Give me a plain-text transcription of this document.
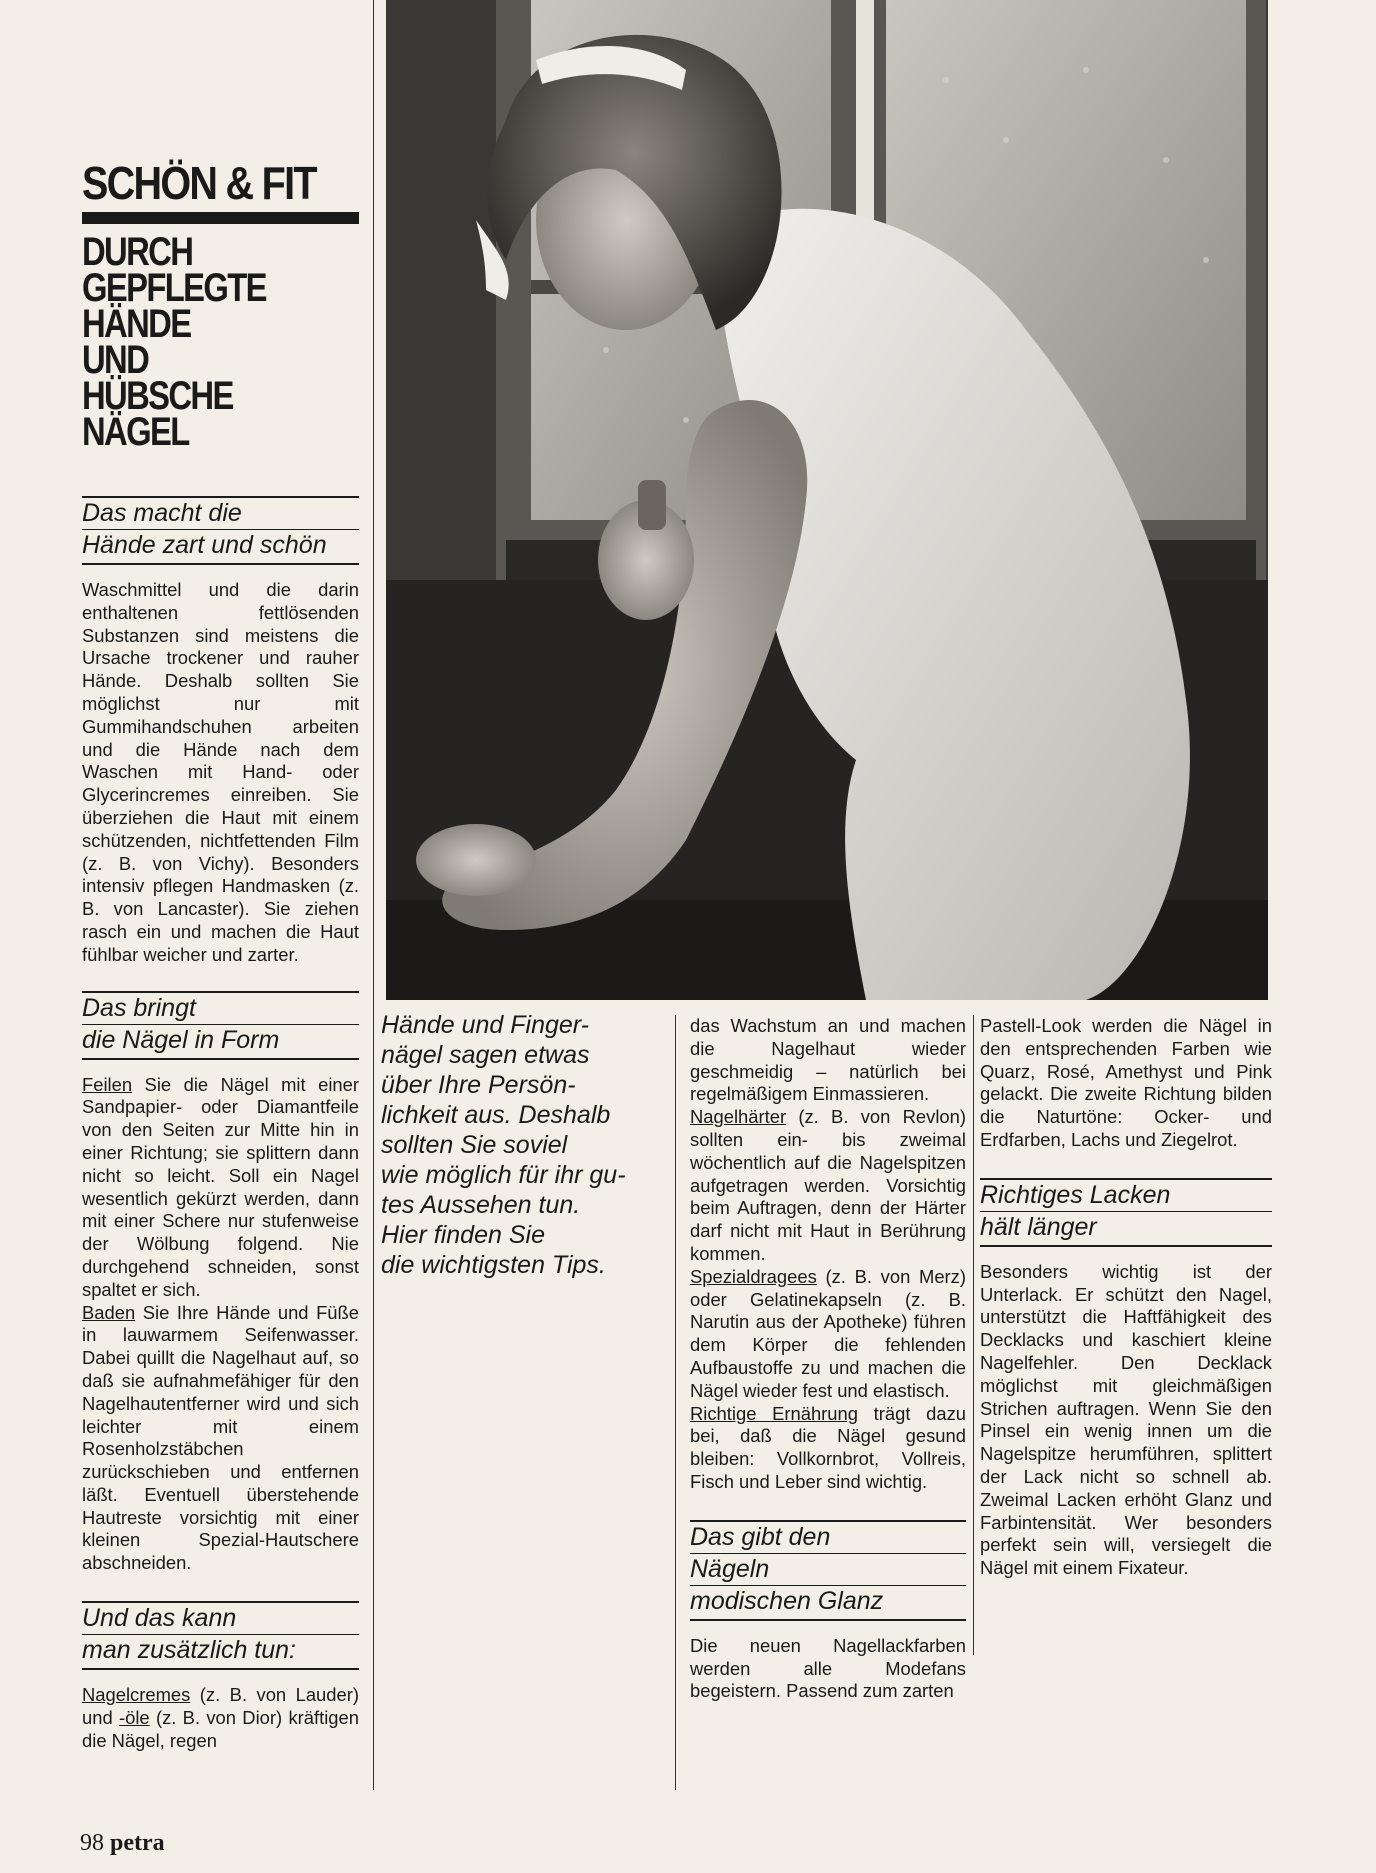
SCHÖN & FIT
DURCH
GEPFLEGTE
HÄNDE
UND
HÜBSCHE
NÄGEL
Das macht die
Hände zart und schön

Waschmittel und die darin enthaltenen fettlösenden Substanzen sind meistens die Ursache trockener und rauher Hände. Deshalb sollten Sie möglichst nur mit Gummihandschuhen arbeiten und die Hände nach dem Waschen mit Hand- oder Glycerincremes einreiben. Sie überziehen die Haut mit einem schützenden, nichtfettenden Film (z. B. von Vichy). Besonders intensiv pflegen Handmasken (z. B. von Lancaster). Sie ziehen rasch ein und machen die Haut fühlbar weicher und zarter.

Das bringt
die Nägel in Form

Feilen Sie die Nägel mit einer Sandpapier- oder Diamantfeile von den Seiten zur Mitte hin in einer Richtung; sie splittern dann nicht so leicht. Soll ein Nagel wesentlich gekürzt werden, dann mit einer Schere nur stufenweise der Wölbung folgend. Nie durchgehend schneiden, sonst spaltet er sich.

Baden Sie Ihre Hände und Füße in lauwarmem Seifenwasser. Dabei quillt die Nagelhaut auf, so daß sie aufnahmefähiger für den Nagelhautentferner wird und sich leichter mit einem Rosenholzstäbchen zurückschieben und entfernen läßt. Eventuell überstehende Hautreste vorsichtig mit einer kleinen Spezial-Hautschere abschneiden.

Und das kann
man zusätzlich tun:

Nagelcremes (z. B. von Lauder) und -öle (z. B. von Dior) kräftigen die Nägel, regen

Hände und Finger-
nägel sagen etwas
über Ihre Persön-
lichkeit aus. Deshalb
sollten Sie soviel
wie möglich für ihr gu-
tes Aussehen tun.
Hier finden Sie
die wichtigsten Tips.

das Wachstum an und machen die Nagelhaut wieder geschmeidig – natürlich bei regelmäßigem Einmassieren.

Nagelhärter (z. B. von Revlon) sollten ein- bis zweimal wöchentlich auf die Nagelspitzen aufgetragen werden. Vorsichtig beim Auftragen, denn der Härter darf nicht mit Haut in Berührung kommen.

Spezialdragees (z. B. von Merz) oder Gelatinekapseln (z. B. Narutin aus der Apotheke) führen dem Körper die fehlenden Aufbaustoffe zu und machen die Nägel wieder fest und elastisch.

Richtige Ernährung trägt dazu bei, daß die Nägel gesund bleiben: Vollkornbrot, Vollreis, Fisch und Leber sind wichtig.

Das gibt den
Nägeln
modischen Glanz

Die neuen Nagellackfarben werden alle Modefans begeistern. Passend zum zarten

Pastell-Look werden die Nägel in den entsprechenden Farben wie Quarz, Rosé, Amethyst und Pink gelackt. Die zweite Richtung bilden die Naturtöne: Ocker- und Erdfarben, Lachs und Ziegelrot.

Richtiges Lacken
hält länger

Besonders wichtig ist der Unterlack. Er schützt den Nagel, unterstützt die Haftfähigkeit des Decklacks und kaschiert kleine Nagelfehler. Den Decklack möglichst mit gleichmäßigen Strichen auftragen. Wenn Sie den Pinsel ein wenig innen um die Nagelspitze herumführen, splittert der Lack nicht so schnell ab. Zweimal Lacken erhöht Glanz und Farbintensität. Wer besonders perfekt sein will, versiegelt die Nägel mit einem Fixateur.

98 petra
